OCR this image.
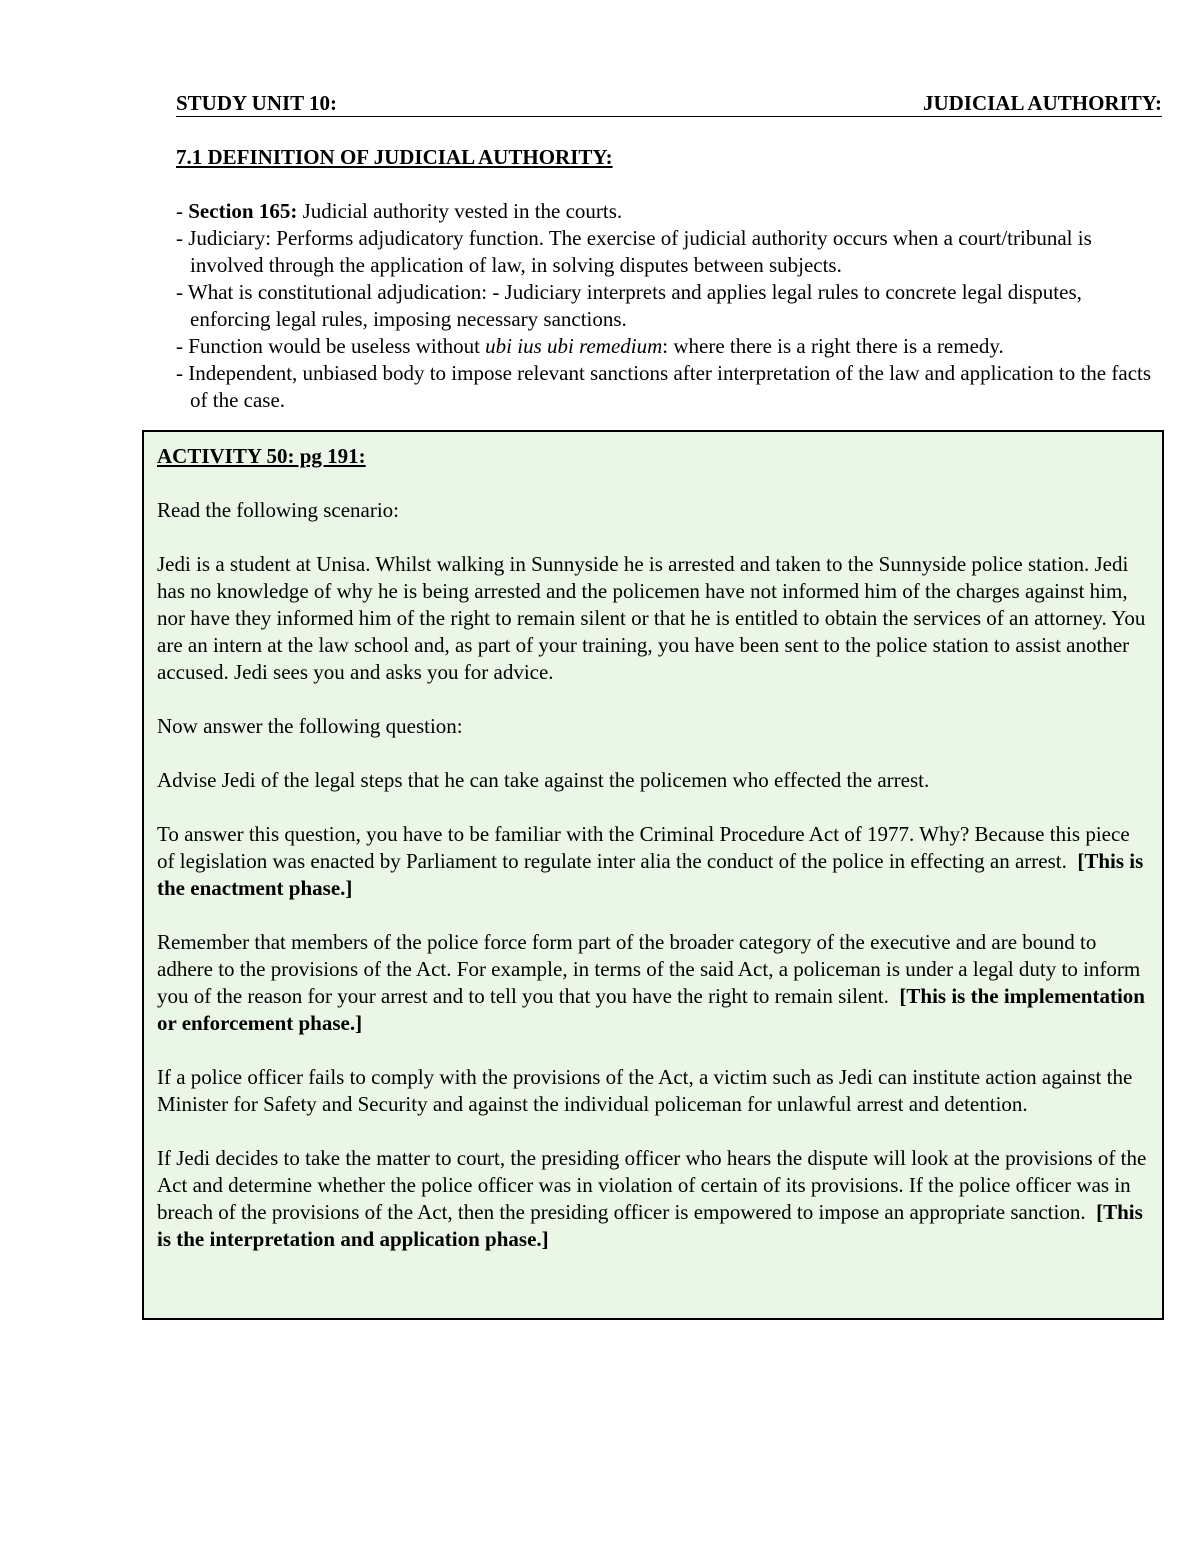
STUDY UNIT 10:	JUDICIAL AUTHORITY:
7.1 DEFINITION OF JUDICIAL AUTHORITY:
- Section 165: Judicial authority vested in the courts.
- Judiciary: Performs adjudicatory function. The exercise of judicial authority occurs when a court/tribunal is involved through the application of law, in solving disputes between subjects.
- What is constitutional adjudication: - Judiciary interprets and applies legal rules to concrete legal disputes, enforcing legal rules, imposing necessary sanctions.
- Function would be useless without ubi ius ubi remedium: where there is a right there is a remedy.
- Independent, unbiased body to impose relevant sanctions after interpretation of the law and application to the facts of the case.

ACTIVITY 50: pg 191:

Read the following scenario:

Jedi is a student at Unisa. Whilst walking in Sunnyside he is arrested and taken to the Sunnyside police station. Jedi has no knowledge of why he is being arrested and the policemen have not informed him of the charges against him, nor have they informed him of the right to remain silent or that he is entitled to obtain the services of an attorney. You are an intern at the law school and, as part of your training, you have been sent to the police station to assist another accused. Jedi sees you and asks you for advice.

Now answer the following question:

Advise Jedi of the legal steps that he can take against the policemen who effected the arrest.

To answer this question, you have to be familiar with the Criminal Procedure Act of 1977. Why? Because this piece of legislation was enacted by Parliament to regulate inter alia the conduct of the police in effecting an arrest. [This is the enactment phase.]

Remember that members of the police force form part of the broader category of the executive and are bound to adhere to the provisions of the Act. For example, in terms of the said Act, a policeman is under a legal duty to inform you of the reason for your arrest and to tell you that you have the right to remain silent. [This is the implementation or enforcement phase.]

If a police officer fails to comply with the provisions of the Act, a victim such as Jedi can institute action against the Minister for Safety and Security and against the individual policeman for unlawful arrest and detention.

If Jedi decides to take the matter to court, the presiding officer who hears the dispute will look at the provisions of the Act and determine whether the police officer was in violation of certain of its provisions. If the police officer was in breach of the provisions of the Act, then the presiding officer is empowered to impose an appropriate sanction. [This is the interpretation and application phase.]
